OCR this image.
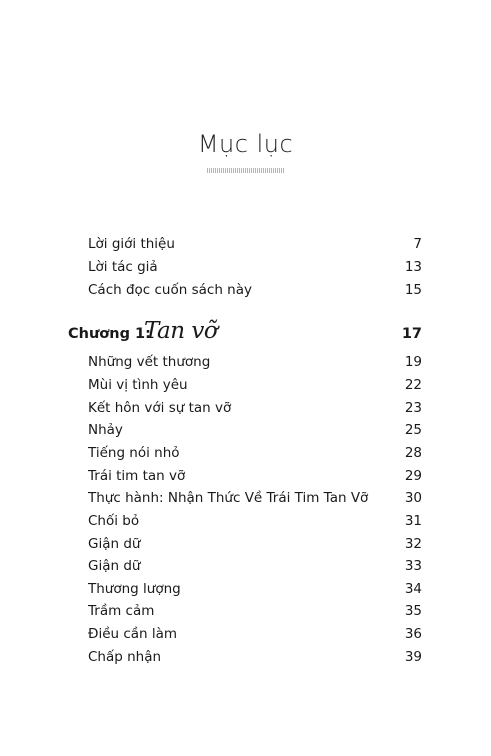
Mục lục
Lời giới thiệu	7
Lời tác giả	13
Cách đọc cuốn sách này	15
Chương 1:
Tan vỡ	17
Những vết thương	19
Mùi vị tình yêu	22
Kết hôn với sự tan vỡ	23
Nhảy	25
Tiếng nói nhỏ	28
Trái tim tan vỡ	29
Thực hành: Nhận Thức Về Trái Tim Tan Vỡ	30
Chối bỏ	31
Giận dữ	32
Giận dữ	33
Thương lượng	34
Trầm cảm	35
Điều cần làm	36
Chấp nhận	39
